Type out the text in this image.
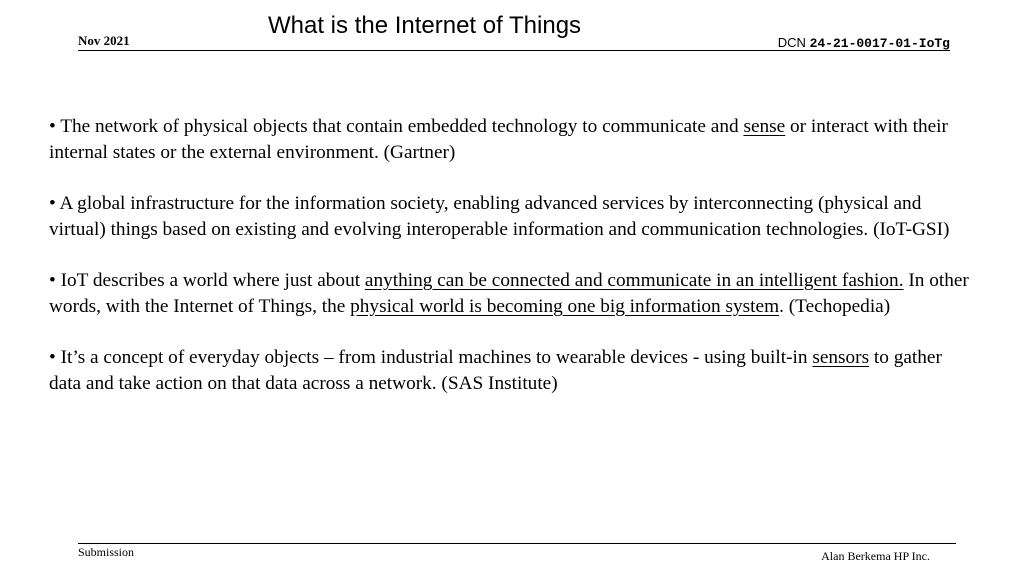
Nov 2021
What is the Internet of Things
DCN 24-21-0017-01-IoTg

• The network of physical objects that contain embedded technology to communicate and sense or interact with their internal states or the external environment. (Gartner)

• A global infrastructure for the information society, enabling advanced services by interconnecting (physical and virtual) things based on existing and evolving interoperable information and communication technologies. (IoT-GSI)

• IoT describes a world where just about anything can be connected and communicate in an intelligent fashion. In other words, with the Internet of Things, the physical world is becoming one big information system. (Techopedia)

• It’s a concept of everyday objects – from industrial machines to wearable devices - using built-in sensors to gather data and take action on that data across a network. (SAS Institute)

Submission	Alan Berkema HP Inc.
